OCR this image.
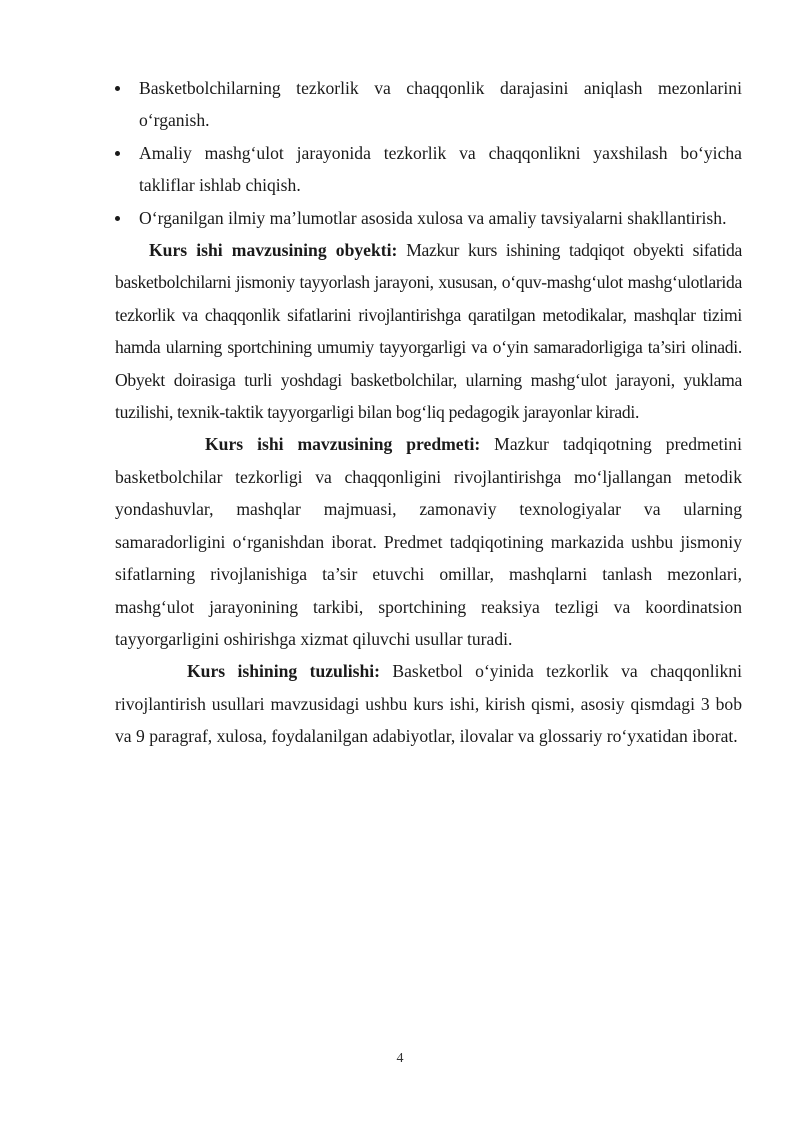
Basketbolchilarning tezkorlik va chaqqonlik darajasini aniqlash mezonlarini o‘rganish.
Amaliy mashg‘ulot jarayonida tezkorlik va chaqqonlikni yaxshilash bo‘yicha takliflar ishlab chiqish.
O‘rganilgan ilmiy ma’lumotlar asosida xulosa va amaliy tavsiyalarni shakllantirish.

Kurs ishi mavzusining obyekti: Mazkur kurs ishining tadqiqot obyekti sifatida basketbolchilarni jismoniy tayyorlash jarayoni, xususan, o‘quv-mashg‘ulot mashg‘ulotlarida tezkorlik va chaqqonlik sifatlarini rivojlantirishga qaratilgan metodikalar, mashqlar tizimi hamda ularning sportchining umumiy tayyorgarligi va o‘yin samaradorligiga ta’siri olinadi. Obyekt doirasiga turli yoshdagi basketbolchilar, ularning mashg‘ulot jarayoni, yuklama tuzilishi, texnik-taktik tayyorgarligi bilan bog‘liq pedagogik jarayonlar kiradi.

Kurs ishi mavzusining predmeti: Mazkur tadqiqotning predmetini basketbolchilar tezkorligi va chaqqonligini rivojlantirishga mo‘ljallangan metodik yondashuvlar, mashqlar majmuasi, zamonaviy texnologiyalar va ularning samaradorligini o‘rganishdan iborat. Predmet tadqiqotining markazida ushbu jismoniy sifatlarning rivojlanishiga ta’sir etuvchi omillar, mashqlarni tanlash mezonlari, mashg‘ulot jarayonining tarkibi, sportchining reaksiya tezligi va koordinatsion tayyorgarligini oshirishga xizmat qiluvchi usullar turadi.

Kurs ishining tuzulishi: Basketbol o‘yinida tezkorlik va chaqqonlikni rivojlantirish usullari mavzusidagi ushbu kurs ishi, kirish qismi, asosiy qismdagi 3 bob va 9 paragraf, xulosa, foydalanilgan adabiyotlar, ilovalar va glossariy ro‘yxatidan iborat.

4
